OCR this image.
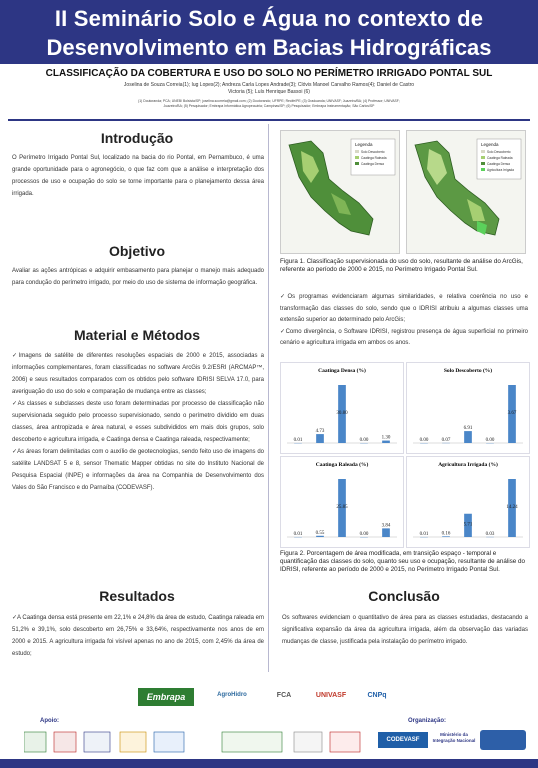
II Seminário Solo e Água no contexto de
Desenvolvimento em Bacias Hidrográficas
CLASSIFICAÇÃO DA COBERTURA E USO DO SOLO NO PERÍMETRO IRRIGADO PONTAL SUL
Joselina de Souza Correia(1); Iug Lopes(2); Andreza Carla Lopes Andrade(3); Clóvis Manoel Carvalho Ramos(4); Daniel de Castro
Victoria (5); Luís Henrique Bassoi (6)
(1) Doutoranda; PCA; UNEB/ Bolsista/SP; joselina.scorreia@gmail.com; (2) Doutorando; UFRPE; Recife/PE; (3) Graduanda; UNIVASF; Juazeiro/BA; (4) Professor; UNIVASF;
Juazeiro/BA; (5) Pesquisador; Embrapa Informática Agropecuária; Campinas/SP; (6) Pesquisador; Embrapa Instrumentação; São Carlos/SP
Introdução
O Perímetro Irrigado Pontal Sul, localizado na bacia do rio Pontal, em Pernambuco, é uma grande oportunidade para o agronegócio, o que faz com que a análise e interpretação dos processos de uso e ocupação do solo se torne importante para o planejamento dessa área irrigada.
Objetivo
Avaliar as ações antrópicas e adquirir embasamento para planejar o manejo mais adequado para condução do perímetro irrigado, por meio do uso de sistema de informação geográfica.
Material e Métodos

✓Imagens de satélite de diferentes resoluções espaciais de 2000 e 2015, associadas a informações complementares, foram classificadas no software ArcGis 9.2/ESRI (ARCMAP™, 2006) e seus resultados comparados com os obtidos pelo software IDRISI SELVA 17.0, para averiguação do uso do solo e comparação de mudança entre as classes;

✓As classes e subclasses deste uso foram determinadas por processo de classificação não supervisionada seguido pelo processo supervisionado, sendo o perímetro dividido em duas classes, área antropizada e área natural, e esses subdivididos em mais dois grupos, solo descoberto e agricultura irrigada, e Caatinga densa e Caatinga raleada, respectivamente;

✓As áreas foram delimitadas com o auxílio de geotecnologias, sendo feito uso de imagens do satélite LANDSAT 5 e 8, sensor Thematic Mapper obtidas no site do Instituto Nacional de Pesquisa Espacial (INPE) e informações da área na Companhia de Desenvolvimento dos Vales do São Francisco e do Parnaíba (CODEVASF).

Resultados
✓A Caatinga densa está presente em 22,1% e 24,8% da área de estudo, Caatinga raleada em 51,2% e 39,1%, solo descoberto em 26,75% e 33,64%, respectivamente nos anos de em 2000 e 2015. A agricultura irrigada foi visível apenas no ano de 2015, com 2,45% da área de estudo;
Legenda
Solo Descoberto
Caatinga Raleada
Caatinga Densa
Legenda
Solo Descoberto
Caatinga Raleada
Caatinga Densa
Agricultura Irrigada
Figura 1. Classificação supervisionada do uso do solo, resultante de análise do ArcGis, referente ao período de 2000 e 2015, no Perímetro Irrigado Pontal Sul.

✓Os programas evidenciaram algumas similaridades, e relativa coerência no uso e transformação das classes do solo, sendo que o IDRISI atribuiu a algumas classes uma extensão superior ao determinado pelo ArcGis;

✓Como divergência, o Software IDRISI, registrou presença de água superficial no primeiro cenário e agricultura irrigada em ambos os anos.

Caatinga Densa (%)
0.01
4.73
30.80
0.00	1.30
Solo Descoberto (%)
0.00	0.07
6.91
0.00
3.67
Caatinga Raleada (%)
0.01	0.55
25.85
0.00
3.84
Agricultura Irrigada (%)
0.01	0.16
5.71
0.03
14.24
Figura 2. Porcentagem de área modificada, em transição espaço - temporal e quantificação das classes do solo, quanto seu uso e ocupação, resultante de análise do IDRISI, referente ao período de 2000 e 2015, no Perímetro Irrigado Pontal Sul.
Conclusão
Os softwares evidenciam o quantitativo de área para as classes estudadas, destacando a significativa expansão da área da agricultura irrigada, além da observação das variadas mudanças de classe, justificada pela instalação do perímetro irrigado.
Embrapa	AgroHidro	FCA	UNIVASF	CNPq
Apoio:	Organização:
CODEVASF
Ministério da Integração Nacional
